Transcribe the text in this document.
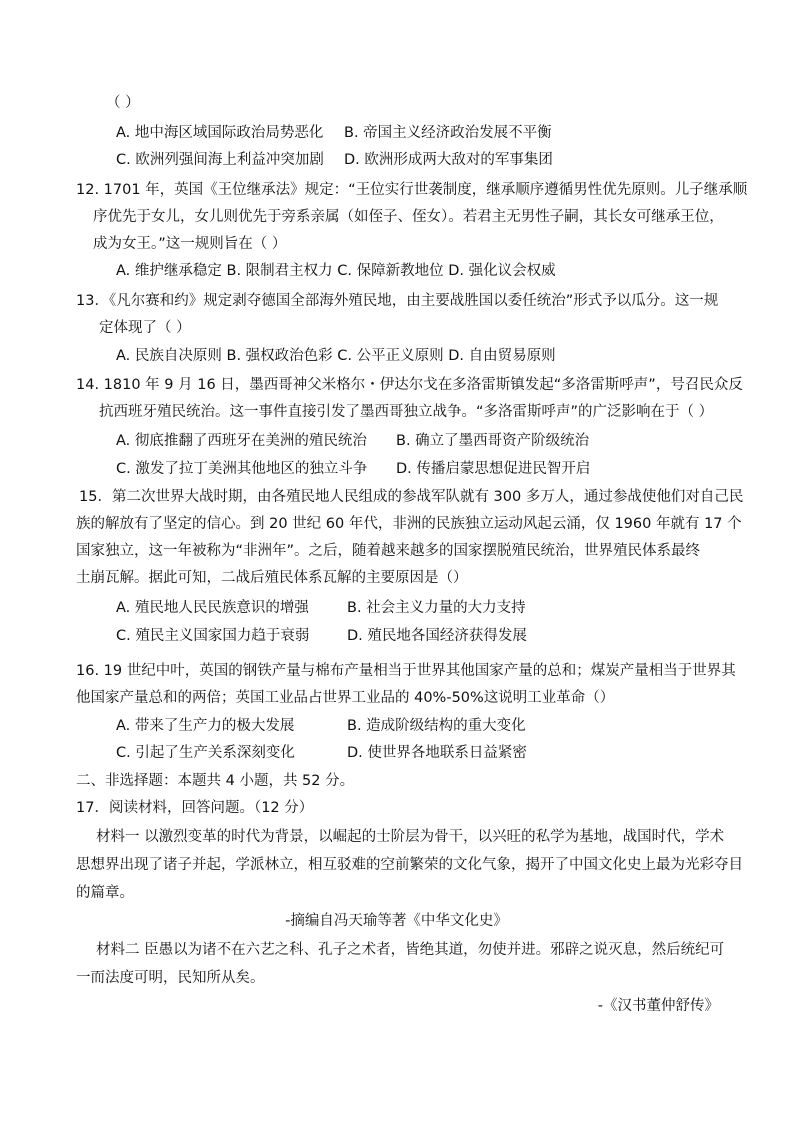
（ ）
A. 地中海区域国际政治局势恶化 B. 帝国主义经济政治发展不平衡
C. 欧洲列强间海上利益冲突加剧 D. 欧洲形成两大敌对的军事集团
12. 1701 年，英国《王位继承法》规定：“王位实行世袭制度，继承顺序遵循男性优先原则。儿子继承顺
序优先于女儿，女儿则优先于旁系亲属（如侄子、侄女）。若君主无男性子嗣，其长女可继承王位，
成为女王。”这一规则旨在（ ）
A. 维护继承稳定 B. 限制君主权力 C. 保障新教地位 D. 强化议会权威
13．《凡尔赛和约》规定剥夺德国全部海外殖民地，由主要战胜国以委任统治”形式予以瓜分。这一规
定体现了（ ）
A. 民族自决原则 B. 强权政治色彩 C. 公平正义原则 D. 自由贸易原则
14. 1810 年 9 月 16 日，墨西哥神父米格尔・伊达尔戈在多洛雷斯镇发起“多洛雷斯呼声”，号召民众反
抗西班牙殖民统治。这一事件直接引发了墨西哥独立战争。“多洛雷斯呼声”的广泛影响在于（ ）
A. 彻底推翻了西班牙在美洲的殖民统治 B. 确立了墨西哥资产阶级统治
C. 激发了拉丁美洲其他地区的独立斗争 D. 传播启蒙思想促进民智开启
15．第二次世界大战时期，由各殖民地人民组成的参战军队就有 300 多万人，通过参战使他们对自己民
族的解放有了坚定的信心。到 20 世纪 60 年代，非洲的民族独立运动风起云涌，仅 1960 年就有 17 个
国家独立，这一年被称为“非洲年”。之后，随着越来越多的国家摆脱殖民统治，世界殖民体系最终
土崩瓦解。据此可知，二战后殖民体系瓦解的主要原因是（）
A. 殖民地人民民族意识的增强	B. 社会主义力量的大力支持
C. 殖民主义国家国力趋于衰弱	D. 殖民地各国经济获得发展
16. 19 世纪中叶，英国的钢铁产量与棉布产量相当于世界其他国家产量的总和；煤炭产量相当于世界其
他国家产量总和的两倍；英国工业品占世界工业品的 40%-50%这说明工业革命（）
A. 带来了生产力的极大发展	B. 造成阶级结构的重大变化
C. 引起了生产关系深刻变化	D. 使世界各地联系日益紧密
二、非选择题：本题共 4 小题，共 52 分。
17．阅读材料，回答问题。（12 分）
材料一 以激烈变革的时代为背景，以崛起的士阶层为骨干，以兴旺的私学为基地，战国时代，学术
思想界出现了诸子并起，学派林立，相互驳难的空前繁荣的文化气象，揭开了中国文化史上最为光彩夺目
的篇章。
-摘编自冯天瑜等著《中华文化史》
材料二 臣愚以为诸不在六艺之科、孔子之术者，皆绝其道，勿使并进。邪辟之说灭息，然后统纪可
一而法度可明，民知所从矣。
-《汉书董仲舒传》
